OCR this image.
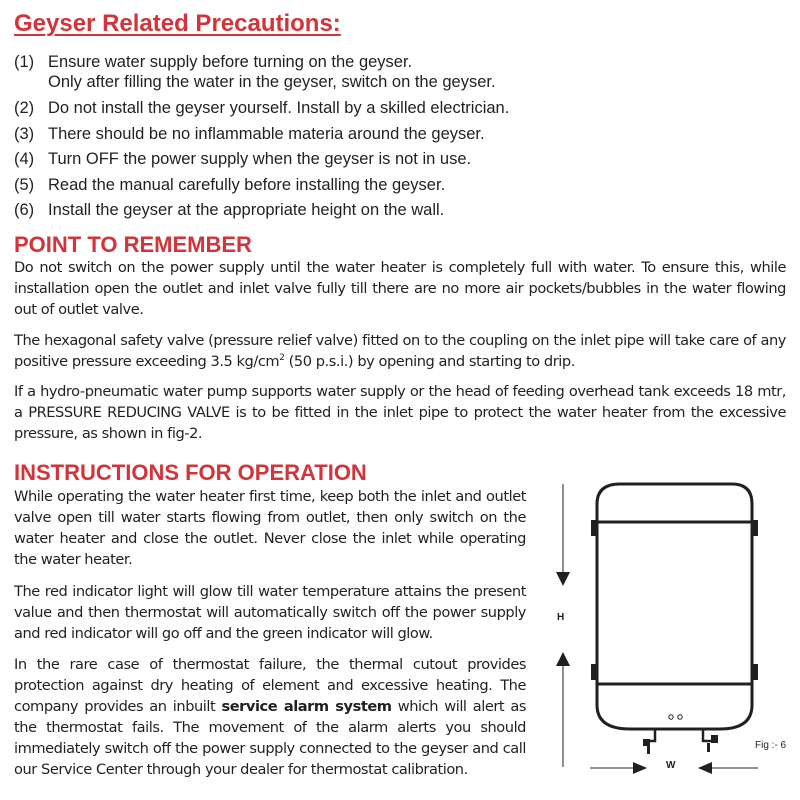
Geyser Related Precautions:
(1) Ensure water supply before turning on the geyser.
Only after filling the water in the geyser, switch on the geyser.
(2) Do not install the geyser yourself. Install by a skilled electrician.
(3) There should be no inflammable materia around the geyser.
(4) Turn OFF the power supply when the geyser is not in use.
(5) Read the manual carefully before installing the geyser.
(6) Install the geyser at the appropriate height on the wall.
POINT TO REMEMBER

Do not switch on the power supply until the water heater is completely full with water. To ensure this, while installation open the outlet and inlet valve fully till there are no more air pockets/bubbles in the water flowing out of outlet valve.

The hexagonal safety valve (pressure relief valve) fitted on to the coupling on the inlet pipe will take care of any positive pressure exceeding 3.5 $kg/cm^2$ (50 p.s.i.) by opening and starting to drip.

If a hydro-pneumatic water pump supports water supply or the head of feeding overhead tank exceeds 18 mtr, a PRESSURE REDUCING VALVE is to be fitted in the inlet pipe to protect the water heater from the excessive pressure, as shown in fig-2.

INSTRUCTIONS FOR OPERATION

While operating the water heater first time, keep both the inlet and outlet valve open till water starts flowing from outlet, then only switch on the water heater and close the outlet. Never close the inlet while operating the water heater.

The red indicator light will glow till water temperature attains the present value and then thermostat will automatically switch off the power supply and red indicator will go off and the green indicator will glow.

In the rare case of thermostat failure, the thermal cutout provides protection against dry heating of element and excessive heating. The company provides an inbuilt service alarm system which will alert as the thermostat fails. The movement of the alarm alerts you should immediately switch off the power supply connected to the geyser and call our Service Center through your dealer for thermostat calibration.

H
W
Fig :- 6
